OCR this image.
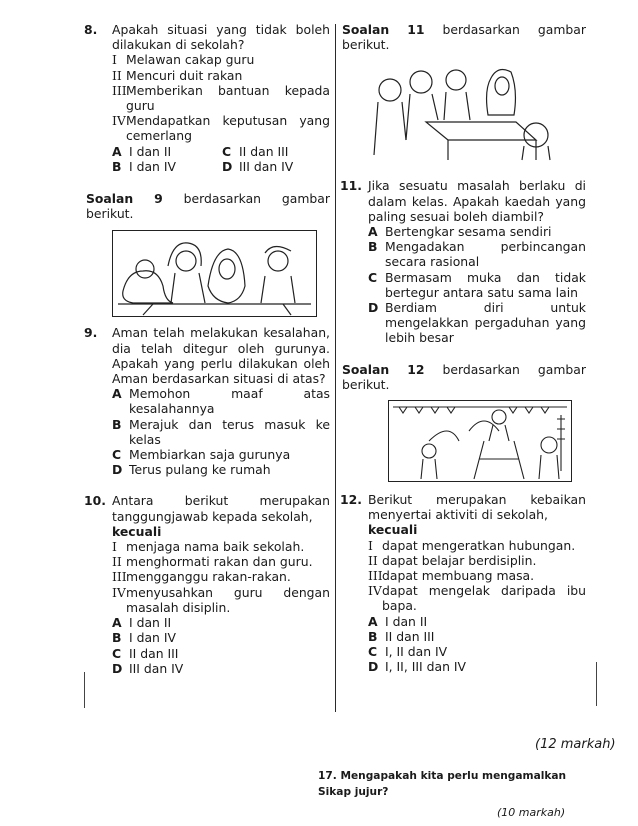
8.	Apakah situasi yang tidak boleh dilakukan di sekolah?
I Melawan cakap guru
II Mencuri duit rakan
III Memberikan bantuan kepada guru
IV Mendapatkan keputusan yang cemerlang
A I dan II	C II dan III
B I dan IV	D III dan IV
Soalan 9 berdasarkan gambar
berikut.
9.	Aman telah melakukan kesalahan, dia telah ditegur oleh gurunya. Apakah yang perlu dilakukan oleh Aman berdasarkan situasi di atas?
A Memohon maaf atas kesalahannya
B Merajuk dan terus masuk ke kelas
C Membiarkan saja gurunya
D Terus pulang ke rumah
10. Antara berikut merupakan tanggungjawab kepada sekolah,
kecuali
I menjaga nama baik sekolah.
II menghormati rakan dan guru.
III mengganggu rakan-rakan.
IV menyusahkan guru dengan masalah disiplin.
A I dan II
B I dan IV
C II dan III
D III dan IV
Soalan 11 berdasarkan gambar
berikut.
11. Jika sesuatu masalah berlaku di dalam kelas. Apakah kaedah yang paling sesuai boleh diambil?
A Bertengkar sesama sendiri
B Mengadakan perbincangan secara rasional
C Bermasam muka dan tidak bertegur antara satu sama lain
D Berdiam diri untuk mengelakkan pergaduhan yang lebih besar
Soalan 12 berdasarkan gambar
berikut.
12. Berikut merupakan kebaikan menyertai aktiviti di sekolah,
kecuali
I dapat mengeratkan hubungan.
II dapat belajar berdisiplin.
III dapat membuang masa.
IV dapat mengelak daripada ibu bapa.
A I dan II
B II dan III
C I, II dan IV
D I, II, III dan IV
(12 markah)
17. Mengapakah kita perlu mengamalkan Sikap jujur?
(10 markah)
